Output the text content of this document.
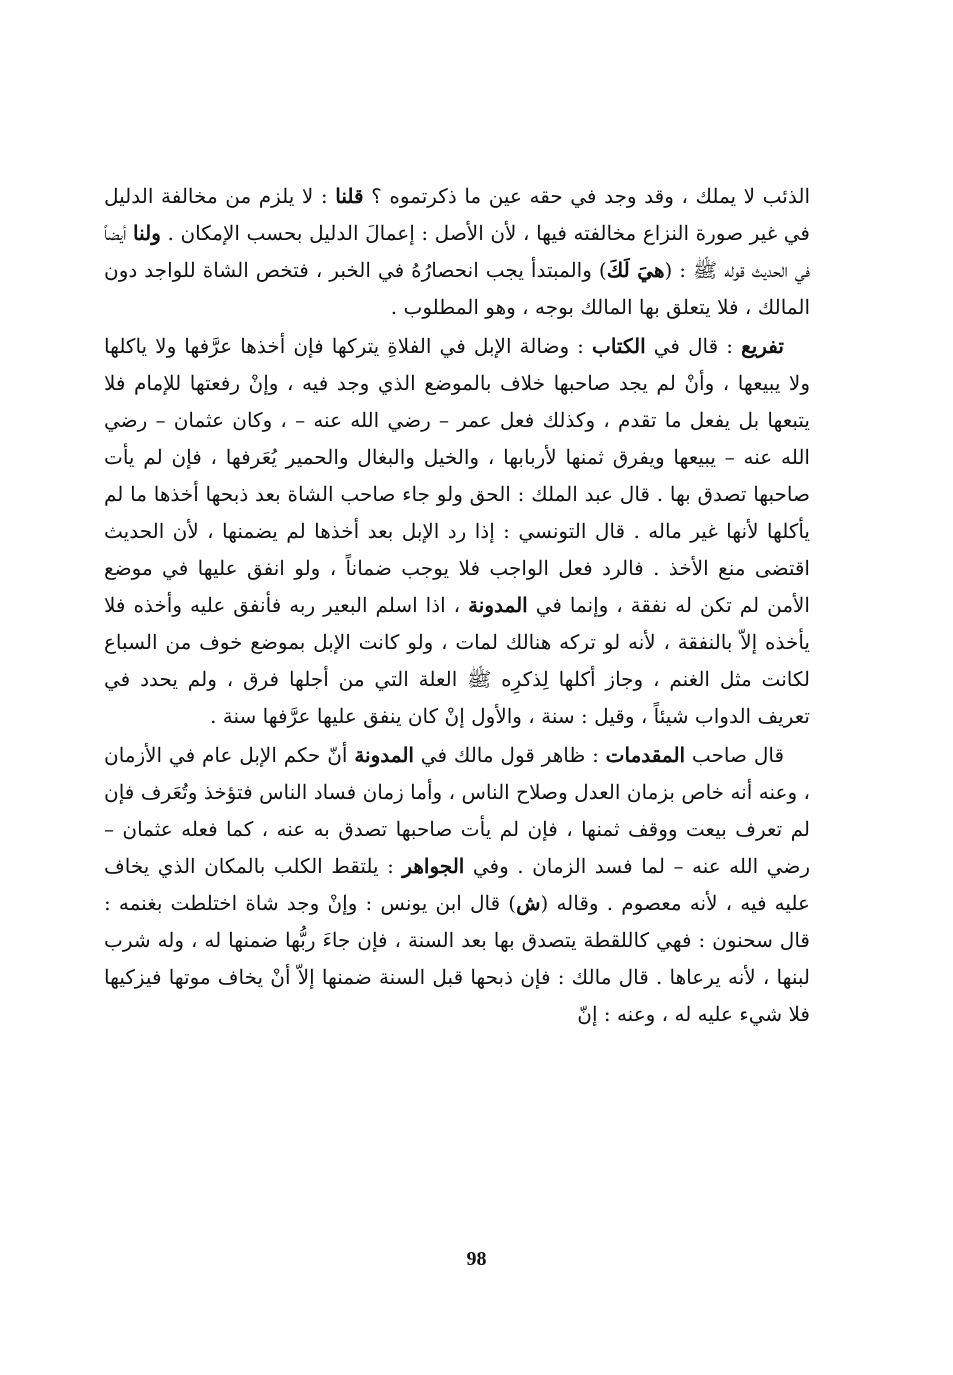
الذئب لا يملك ، وقد وجد في حقه عين ما ذكرتموه ؟ قلنا : لا يلزم من مخالفة الدليل في غير صورة النزاع مخالفته فيها ، لأن الأصل : إعمالَ الدليل بحسب الإمكان . ولنا أيضاً في الحديث قوله ﷺ : (هيَ لَكَ) والمبتدأ يجب انحصارُهُ في الخبر ، فتخص الشاة للواجد دون المالك ، فلا يتعلق بها المالك بوجه ، وهو المطلوب .

تفريع : قال في الكتاب : وضالة الإبل في الفلاةِ يتركها فإن أخذها عرَّفها ولا ياكلها ولا يبيعها ، وأنْ لم يجد صاحبها خلاف بالموضع الذي وجد فيه ، وإنْ رفعتها للإمام فلا يتبعها بل يفعل ما تقدم ، وكذلك فعل عمر – رضي الله عنه – ، وكان عثمان – رضي الله عنه – يبيعها ويفرق ثمنها لأربابها ، والخيل والبغال والحمير يُعَرفها ، فإن لم يأت صاحبها تصدق بها . قال عبد الملك : الحق ولو جاء صاحب الشاة بعد ذبحها أخذها ما لم يأكلها لأنها غير ماله . قال التونسي : إذا رد الإبل بعد أخذها لم يضمنها ، لأن الحديث اقتضى منع الأخذ . فالرد فعل الواجب فلا يوجب ضماناً ، ولو انفق عليها في موضع الأمن لم تكن له نفقة ، وإنما في المدونة ، اذا اسلم البعير ربه فأنفق عليه وأخذه فلا يأخذه إلاّ بالنفقة ، لأنه لو تركه هنالك لمات ، ولو كانت الإبل بموضع خوف من السباع لكانت مثل الغنم ، وجاز أكلها لِذكرِه ﷺ العلة التي من أجلها فرق ، ولم يحدد في تعريف الدواب شيئاً ، وقيل : سنة ، والأول إنْ كان ينفق عليها عرَّفها سنة .

قال صاحب المقدمات : ظاهر قول مالك في المدونة أنّ حكم الإبل عام في الأزمان ، وعنه أنه خاص بزمان العدل وصلاح الناس ، وأما زمان فساد الناس فتؤخذ وتُعَرف فإن لم تعرف بيعت ووقف ثمنها ، فإن لم يأت صاحبها تصدق به عنه ، كما فعله عثمان – رضي الله عنه – لما فسد الزمان . وفي الجواهر : يلتقط الكلب بالمكان الذي يخاف عليه فيه ، لأنه معصوم . وقاله (ش) قال ابن يونس : وإنْ وجد شاة اختلطت بغنمه : قال سحنون : فهي كاللقطة يتصدق بها بعد السنة ، فإن جاءَ ربُّها ضمنها له ، وله شرب لبنها ، لأنه يرعاها . قال مالك : فإن ذبحها قبل السنة ضمنها إلاّ أنْ يخاف موتها فيزكيها فلا شيء عليه له ، وعنه : إنّ

98
